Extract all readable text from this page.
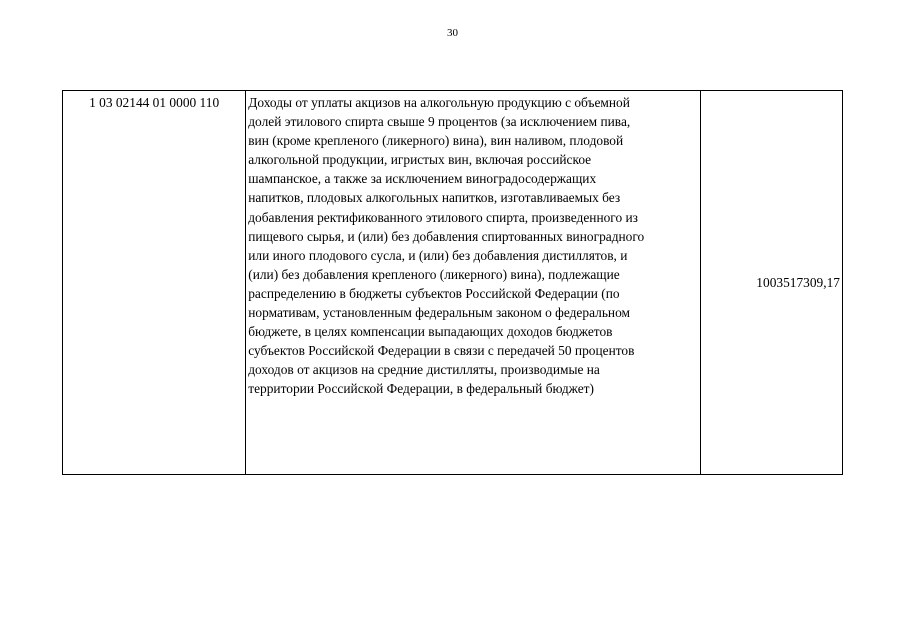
30
1 03 02144 01 0000 110	Доходы от уплаты акцизов на алкогольную продукцию с объемной
долей этилового спирта свыше 9 процентов (за исключением пива,
вин (кроме крепленого (ликерного) вина), вин наливом, плодовой
алкогольной продукции, игристых вин, включая российское
шампанское, а также за исключением виноградосодержащих
напитков, плодовых алкогольных напитков, изготавливаемых без
добавления ректификованного этилового спирта, произведенного из
пищевого сырья, и (или) без добавления спиртованных виноградного
или иного плодового сусла, и (или) без добавления дистиллятов, и
(или) без добавления крепленого (ликерного) вина), подлежащие
распределению в бюджеты субъектов Российской Федерации (по
нормативам, установленным федеральным законом о федеральном
бюджете, в целях компенсации выпадающих доходов бюджетов
субъектов Российской Федерации в связи с передачей 50 процентов
доходов от акцизов на средние дистилляты, производимые на
территории Российской Федерации, в федеральный бюджет)	1003517309,17
